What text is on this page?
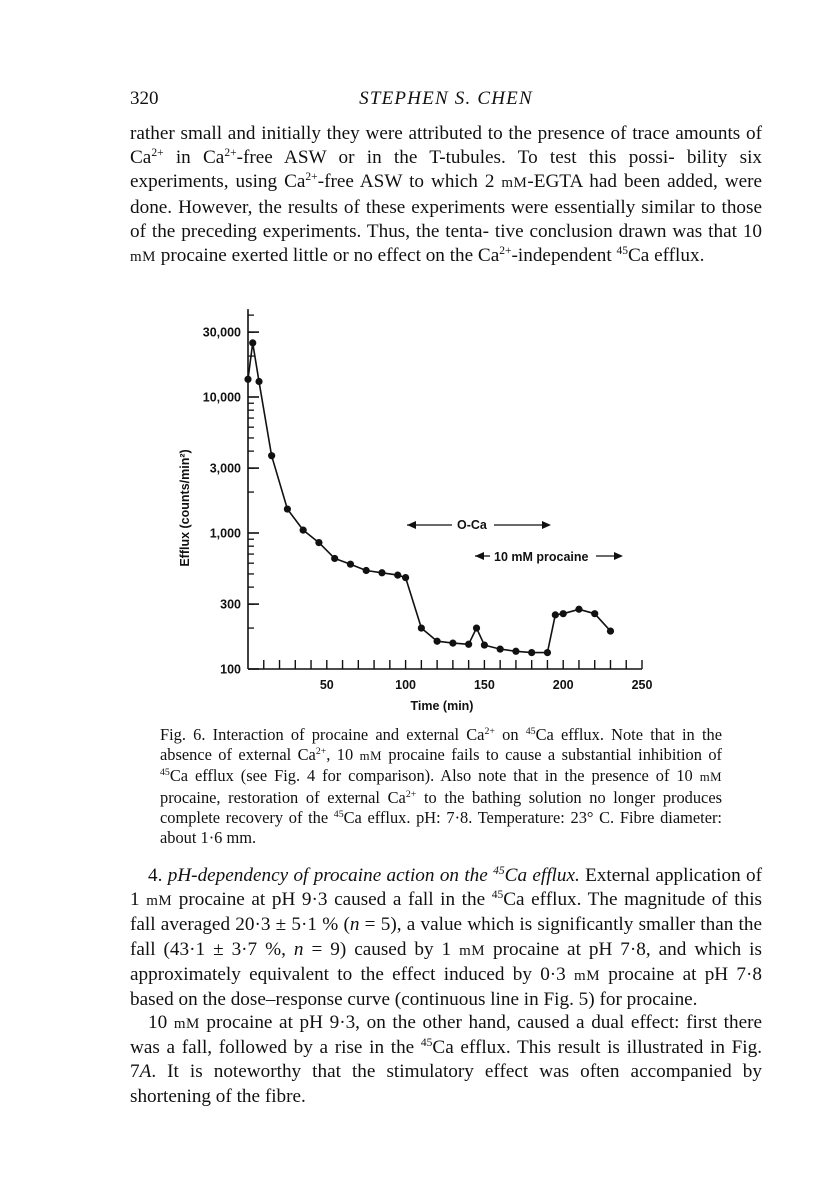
320	STEPHEN S. CHEN

rather small and initially they were attributed to the presence of trace amounts of $Ca^{2+}$ in $Ca^{2+}$-free ASW or in the T-tubules. To test this possi- bility six experiments, using $Ca^{2+}$-free ASW to which 2 mM-EGTA had been added, were done. However, the results of these experiments were essentially similar to those of the preceding experiments. Thus, the tenta- tive conclusion drawn was that 10 mM procaine exerted little or no effect on the $Ca^{2+}$-independent $^{45}$Ca efflux.

100
300
1,000
3,000
10,000
30,000
50	100	150	200	250
O-Ca
10 mM procaine
Time (min)
Efflux (counts/min²)

Fig. 6. Interaction of procaine and external $Ca^{2+}$ on $^{45}$Ca efflux. Note that in the absence of external $Ca^{2+}$, 10 mM procaine fails to cause a substantial inhibition of $^{45}$Ca efflux (see Fig. 4 for comparison). Also note that in the presence of 10 mM procaine, restoration of external $Ca^{2+}$ to the bathing solution no longer produces complete recovery of the $^{45}$Ca efflux. pH: 7·8. Temperature: 23° C. Fibre diameter: about 1·6 mm.

4. pH-dependency of procaine action on the $^{45}$Ca efflux. External application of 1 mM procaine at pH 9·3 caused a fall in the $^{45}$Ca efflux. The magnitude of this fall averaged 20·3 ± 5·1 % (n = 5), a value which is significantly smaller than the fall (43·1 ± 3·7 %, n = 9) caused by 1 mM procaine at pH 7·8, and which is approximately equivalent to the effect induced by 0·3 mM procaine at pH 7·8 based on the dose–response curve (continuous line in Fig. 5) for procaine.

10 mM procaine at pH 9·3, on the other hand, caused a dual effect: first there was a fall, followed by a rise in the $^{45}$Ca efflux. This result is illustrated in Fig. 7A. It is noteworthy that the stimulatory effect was often accompanied by shortening of the fibre.
